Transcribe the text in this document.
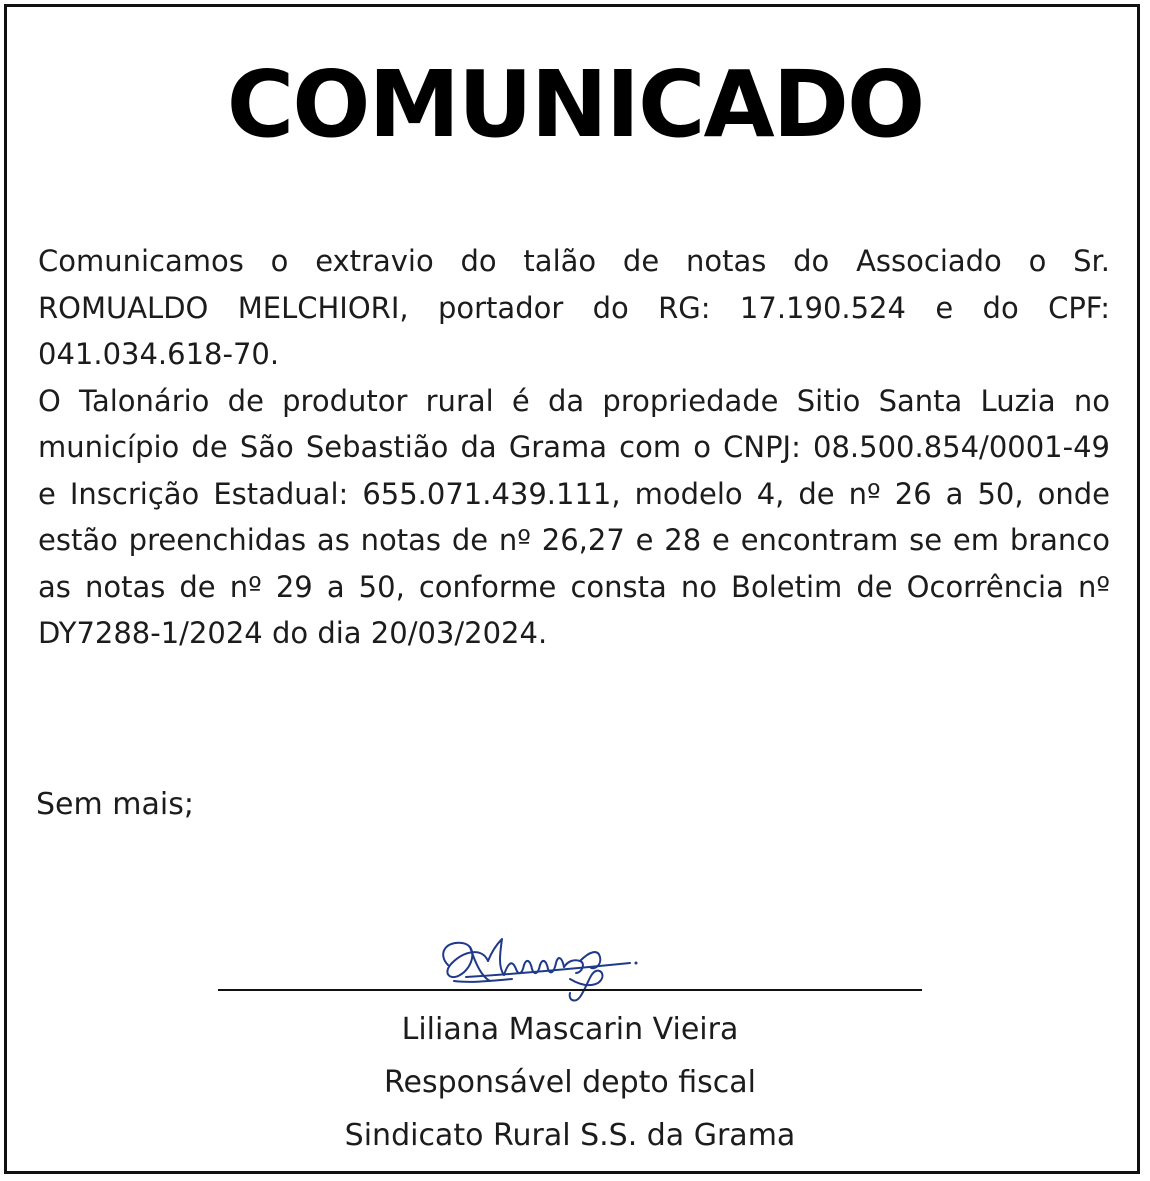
COMUNICADO

Comunicamos o extravio do talão de notas do Associado o Sr. ROMUALDO MELCHIORI, portador do RG: 17.190.524 e do CPF: 041.034.618-70.

O Talonário de produtor rural é da propriedade Sitio Santa Luzia no município de São Sebastião da Grama com o CNPJ: 08.500.854/0001-49 e Inscrição Estadual: 655.071.439.111, modelo 4, de nº 26 a 50, onde estão preenchidas as notas de nº 26,27 e 28 e encontram se em branco as notas de nº 29 a 50, conforme consta no Boletim de Ocorrência nº DY7288-1/2024 do dia 20/03/2024.

Sem mais;
Liliana Mascarin Vieira
Responsável depto fiscal
Sindicato Rural S.S. da Grama
